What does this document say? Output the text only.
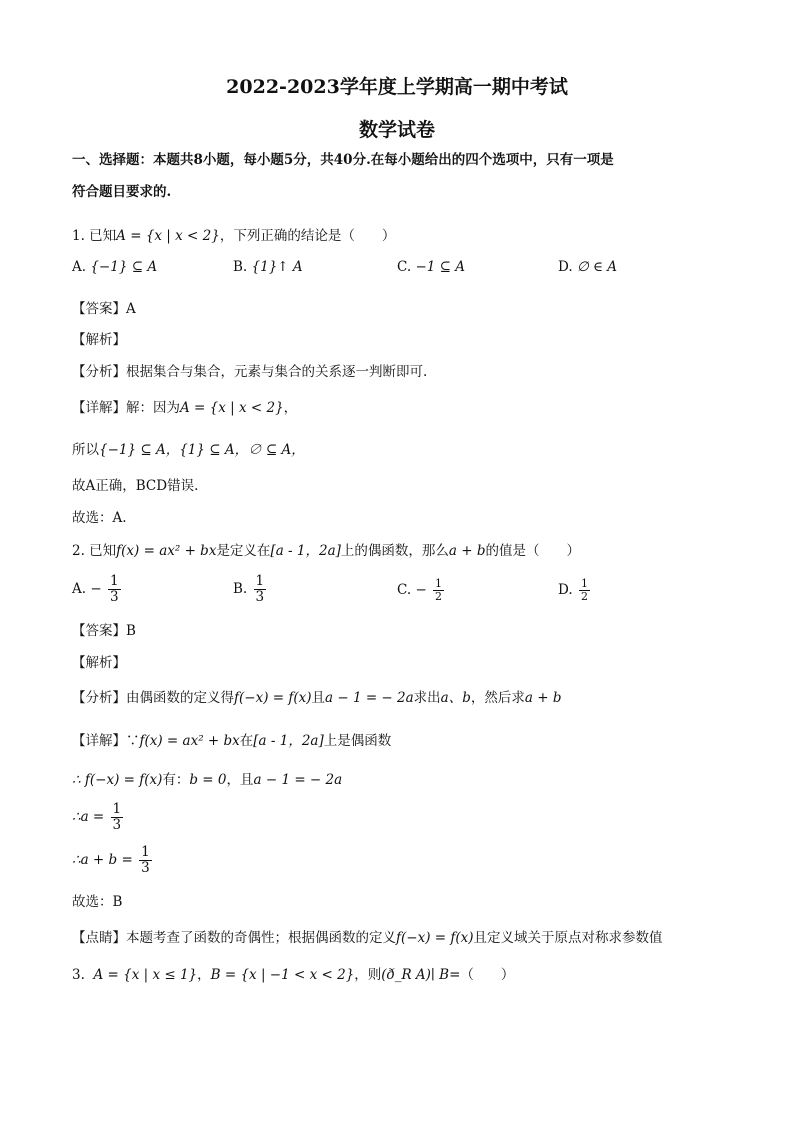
2022-2023学年度上学期高一期中考试
数学试卷
一、选择题：本题共8小题，每小题5分，共40分.在每小题给出的四个选项中，只有一项是
符合题目要求的.
1. 已知A = {x | x < 2}，下列正确的结论是（　　）
A. {−1} ⊆ A	B. {1}↑ A	C. −1 ⊆ A	D. ∅ ∈ A
【答案】A
【解析】
【分析】根据集合与集合，元素与集合的关系逐一判断即可.
【详解】解：因为A = {x | x < 2}，
所以{−1} ⊆ A，{1} ⊆ A，∅ ⊆ A，
故A正确，BCD错误.
故选：A.
2. 已知f(x) = ax² + bx是定义在[a - 1，2a]上的偶函数，那么a + b的值是（　　）
A. − $\frac{1}{3}$	B. $\frac{1}{3}$	C. − $\frac{1}{2}$	D. $\frac{1}{2}$
【答案】B
【解析】
【分析】由偶函数的定义得f(−x) = f(x)且a − 1 = − 2a求出a、b，然后求a + b
【详解】∵f(x) = ax² + bx在[a - 1，2a]上是偶函数
∴ f(−x) = f(x)有：b = 0，且a − 1 = − 2a
∴a = $\frac{1}{3}$
∴a + $b = \frac{1}{3}$
故选：B
【点睛】本题考查了函数的奇偶性；根据偶函数的定义f(−x) = f(x)且定义域关于原点对称求参数值
3. A = {x | x ≤ 1}，B = {x | −1 < x < 2}，则(ð_R A)∣ B=（　　）
